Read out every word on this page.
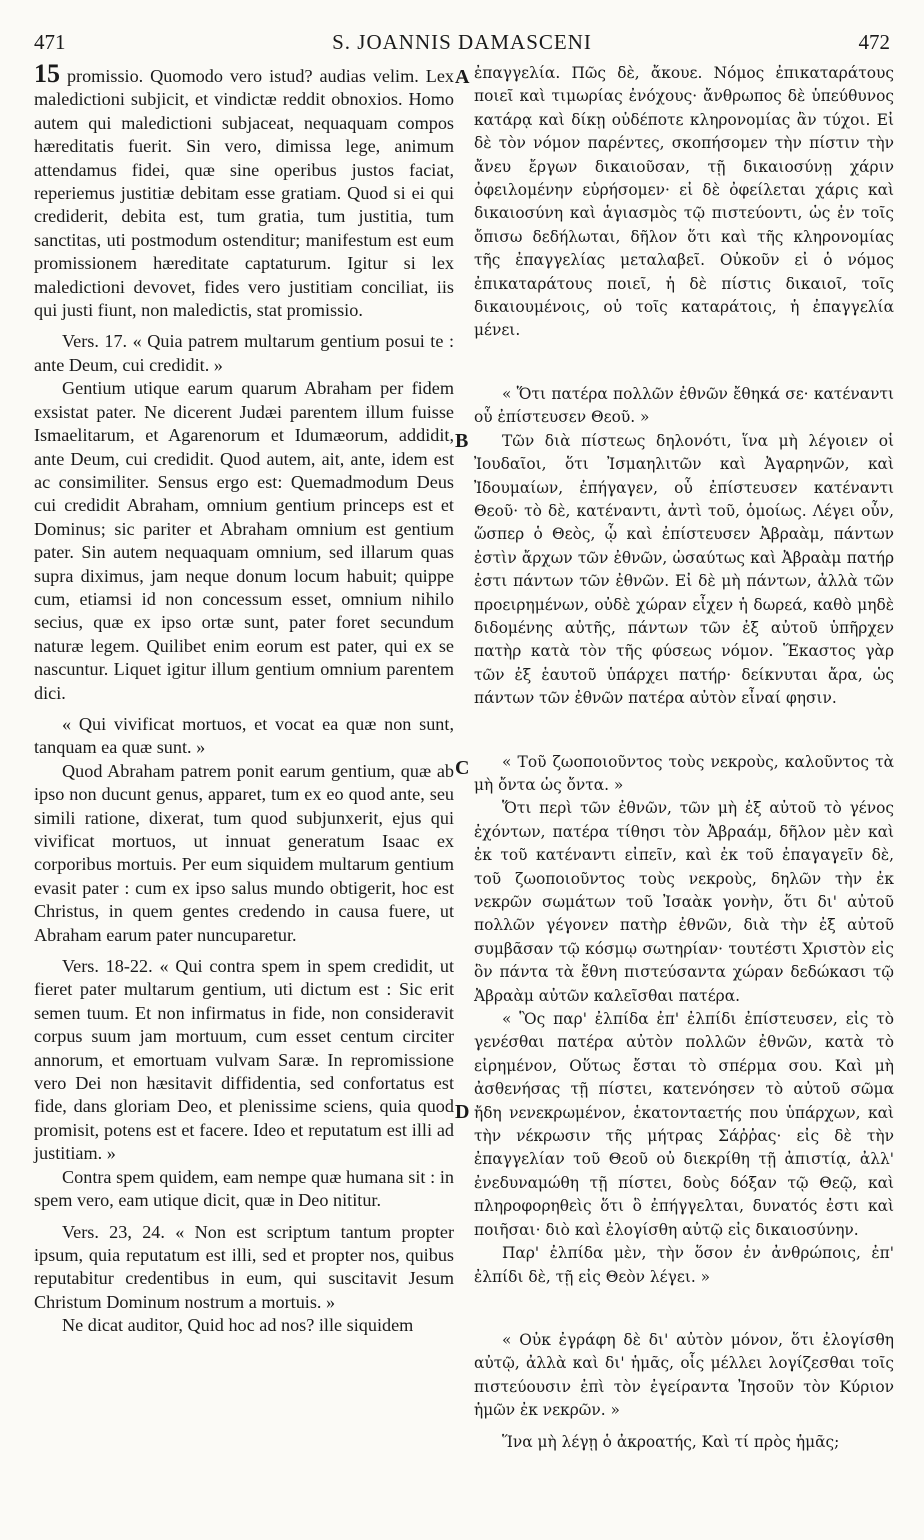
471	S. JOANNIS DAMASCENI	472
A
B
C
D

15 promissio. Quomodo vero istud? audias velim. Lex maledictioni subjicit, et vindictæ reddit obnoxios. Homo autem qui maledictioni subjaceat, nequaquam compos hæreditatis fuerit. Sin vero, dimissa lege, animum attendamus fidei, quæ sine operibus justos faciat, reperiemus justitiæ debitam esse gratiam. Quod si ei qui crediderit, debita est, tum gratia, tum justitia, tum sanctitas, uti postmodum ostenditur; manifestum est eum promissionem hæreditate captaturum. Igitur si lex maledictioni devovet, fides vero justitiam conciliat, iis qui justi fiunt, non maledictis, stat promissio.

Vers. 17. « Quia patrem multarum gentium posui te : ante Deum, cui credidit. »

Gentium utique earum quarum Abraham per fidem exsistat pater. Ne dicerent Judæi parentem illum fuisse Ismaelitarum, et Agarenorum et Idumæorum, addidit, ante Deum, cui credidit. Quod autem, ait, ante, idem est ac consimiliter. Sensus ergo est: Quemadmodum Deus cui credidit Abraham, omnium gentium princeps est et Dominus; sic pariter et Abraham omnium est gentium pater. Sin autem nequaquam omnium, sed illarum quas supra diximus, jam neque donum locum habuit; quippe cum, etiamsi id non concessum esset, omnium nihilo secius, quæ ex ipso ortæ sunt, pater foret secundum naturæ legem. Quilibet enim eorum est pater, qui ex se nascuntur. Liquet igitur illum gentium omnium parentem dici.

« Qui vivificat mortuos, et vocat ea quæ non sunt, tanquam ea quæ sunt. »

Quod Abraham patrem ponit earum gentium, quæ ab ipso non ducunt genus, apparet, tum ex eo quod ante, seu simili ratione, dixerat, tum quod subjunxerit, ejus qui vivificat mortuos, ut innuat generatum Isaac ex corporibus mortuis. Per eum siquidem multarum gentium evasit pater : cum ex ipso salus mundo obtigerit, hoc est Christus, in quem gentes credendo in causa fuere, ut Abraham earum pater nuncuparetur.

Vers. 18-22. « Qui contra spem in spem credidit, ut fieret pater multarum gentium, uti dictum est : Sic erit semen tuum. Et non infirmatus in fide, non consideravit corpus suum jam mortuum, cum esset centum circiter annorum, et emortuam vulvam Saræ. In repromissione vero Dei non hæsitavit diffidentia, sed confortatus est fide, dans gloriam Deo, et plenissime sciens, quia quod promisit, potens est et facere. Ideo et reputatum est illi ad justitiam. »

Contra spem quidem, eam nempe quæ humana sit : in spem vero, eam utique dicit, quæ in Deo nititur.

Vers. 23, 24. « Non est scriptum tantum propter ipsum, quia reputatum est illi, sed et propter nos, quibus reputabitur credentibus in eum, qui suscitavit Jesum Christum Dominum nostrum a mortuis. »

Ne dicat auditor, Quid hoc ad nos? ille siquidem

ἐπαγγελία. Πῶς δὲ, ἄκουε. Νόμος ἐπικαταράτους ποιεῖ καὶ τιμωρίας ἐνόχους· ἄνθρωπος δὲ ὑπεύθυνος κατάρᾳ καὶ δίκῃ οὐδέποτε κληρονομίας ἂν τύχοι. Εἰ δὲ τὸν νόμον παρέντες, σκοπήσομεν τὴν πίστιν τὴν ἄνευ ἔργων δικαιοῦσαν, τῇ δικαιοσύνῃ χάριν ὀφειλομένην εὑρήσομεν· εἰ δὲ ὀφείλεται χάρις καὶ δικαιοσύνη καὶ ἁγιασμὸς τῷ πιστεύοντι, ὡς ἐν τοῖς ὄπισω δεδήλωται, δῆλον ὅτι καὶ τῆς κληρονομίας τῆς ἐπαγγελίας μεταλαβεῖ. Οὐκοῦν εἰ ὁ νόμος ἐπικαταράτους ποιεῖ, ἡ δὲ πίστις δικαιοῖ, τοῖς δικαιουμένοις, οὐ τοῖς καταράτοις, ἡ ἐπαγγελία μένει.

« Ὅτι πατέρα πολλῶν ἐθνῶν ἔθηκά σε· κατέναντι οὗ ἐπίστευσεν Θεοῦ. »

Τῶν διὰ πίστεως δηλονότι, ἵνα μὴ λέγοιεν οἱ Ἰουδαῖοι, ὅτι Ἰσμαηλιτῶν καὶ Ἀγαρηνῶν, καὶ Ἰδουμαίων, ἐπήγαγεν, οὗ ἐπίστευσεν κατέναντι Θεοῦ· τὸ δὲ, κατέναντι, ἀντὶ τοῦ, ὁμοίως. Λέγει οὖν, ὥσπερ ὁ Θεὸς, ᾧ καὶ ἐπίστευσεν Ἀβραὰμ, πάντων ἐστὶν ἄρχων τῶν ἐθνῶν, ὡσαύτως καὶ Ἀβραὰμ πατήρ ἐστι πάντων τῶν ἐθνῶν. Εἰ δὲ μὴ πάντων, ἀλλὰ τῶν προειρημένων, οὐδὲ χώραν εἶχεν ἡ δωρεά, καθὸ μηδὲ διδομένης αὐτῆς, πάντων τῶν ἐξ αὐτοῦ ὑπῆρχεν πατὴρ κατὰ τὸν τῆς φύσεως νόμον. Ἕκαστος γὰρ τῶν ἐξ ἑαυτοῦ ὑπάρχει πατήρ· δείκνυται ἄρα, ὡς πάντων τῶν ἐθνῶν πατέρα αὐτὸν εἶναί φησιν.

« Τοῦ ζωοποιοῦντος τοὺς νεκροὺς, καλοῦντος τὰ μὴ ὄντα ὡς ὄντα. »

Ὅτι περὶ τῶν ἐθνῶν, τῶν μὴ ἐξ αὐτοῦ τὸ γένος ἐχόντων, πατέρα τίθησι τὸν Ἀβραάμ, δῆλον μὲν καὶ ἐκ τοῦ κατέναντι εἰπεῖν, καὶ ἐκ τοῦ ἐπαγαγεῖν δὲ, τοῦ ζωοποιοῦντος τοὺς νεκροὺς, δηλῶν τὴν ἐκ νεκρῶν σωμάτων τοῦ Ἰσαὰκ γονὴν, ὅτι δι' αὐτοῦ πολλῶν γέγονεν πατὴρ ἐθνῶν, διὰ τὴν ἐξ αὐτοῦ συμβᾶσαν τῷ κόσμῳ σωτηρίαν· τουτέστι Χριστὸν εἰς ὃν πάντα τὰ ἔθνη πιστεύσαντα χώραν δεδώκασι τῷ Ἀβραὰμ αὐτῶν καλεῖσθαι πατέρα.

« Ὃς παρ' ἐλπίδα ἐπ' ἐλπίδι ἐπίστευσεν, εἰς τὸ γενέσθαι πατέρα αὐτὸν πολλῶν ἐθνῶν, κατὰ τὸ εἰρημένον, Οὕτως ἔσται τὸ σπέρμα σου. Καὶ μὴ ἀσθενήσας τῇ πίστει, κατενόησεν τὸ αὐτοῦ σῶμα ἤδη νενεκρωμένον, ἑκατονταετής που ὑπάρχων, καὶ τὴν νέκρωσιν τῆς μήτρας Σάῤῥας· εἰς δὲ τὴν ἐπαγγελίαν τοῦ Θεοῦ οὐ διεκρίθη τῇ ἀπιστίᾳ, ἀλλ' ἐνεδυναμώθη τῇ πίστει, δοὺς δόξαν τῷ Θεῷ, καὶ πληροφορηθεὶς ὅτι ὃ ἐπήγγελται, δυνατός ἐστι καὶ ποιῆσαι· διὸ καὶ ἐλογίσθη αὐτῷ εἰς δικαιοσύνην.

Παρ' ἐλπίδα μὲν, τὴν ὅσον ἐν ἀνθρώποις, ἐπ' ἐλπίδι δὲ, τῇ εἰς Θεὸν λέγει. »

« Οὐκ ἐγράφη δὲ δι' αὐτὸν μόνον, ὅτι ἐλογίσθη αὐτῷ, ἀλλὰ καὶ δι' ἡμᾶς, οἷς μέλλει λογίζεσθαι τοῖς πιστεύουσιν ἐπὶ τὸν ἐγείραντα Ἰησοῦν τὸν Κύριον ἡμῶν ἐκ νεκρῶν. »

Ἵνα μὴ λέγῃ ὁ ἀκροατής, Καὶ τί πρὸς ἡμᾶς;
